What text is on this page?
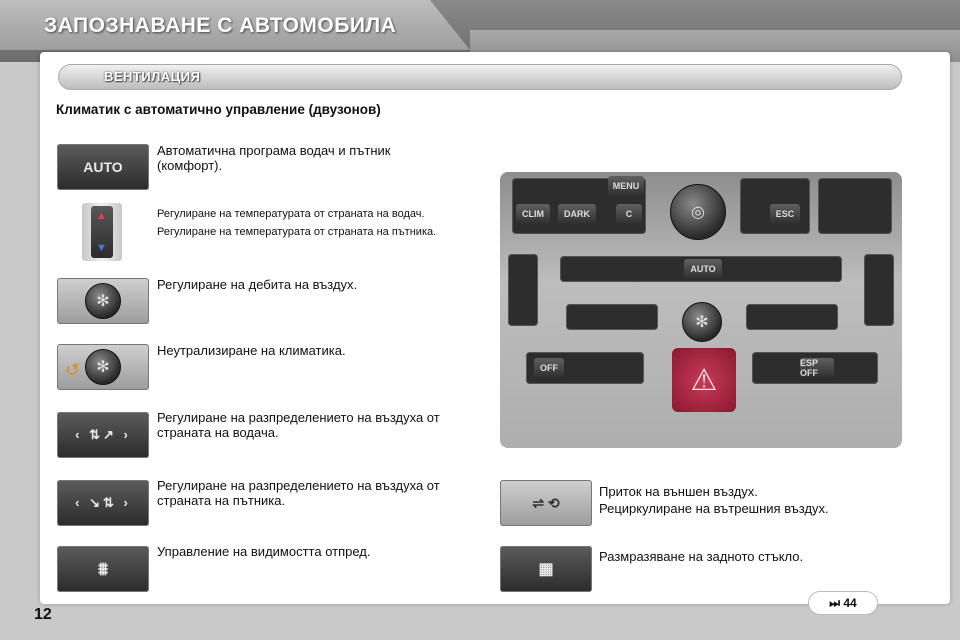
ЗАПОЗНАВАНЕ С АВТОМОБИЛА
ВЕНТИЛАЦИЯ
Климатик с автоматично управление (двузонов)
AUTO
Автоматична програма водач и пътник (комфорт).
▲
▼
Регулиране на температурата от страната на водач.
Регулиране на температурата от страната на пътника.
✻
Регулиране на дебита на въздух.
✻
↺
Неутрализиране на климатика.
‹ ⇅↗ ›
Регулиране на разпределението на въздуха от страната на водача.
‹ ↘⇅ ›
Регулиране на разпределението на въздуха от страната на пътника.
⩩
Управление на видимостта отпред.
⇌ ⟲
Приток на външен въздух.
Рециркулиране на вътрешния въздух.
▦
Размразяване на задното стъкло.
CLIM	DARK
MENU
C	◎	ESC
AUTO
✻
OFF	ESP OFF
⚠
12
⏭ 44
